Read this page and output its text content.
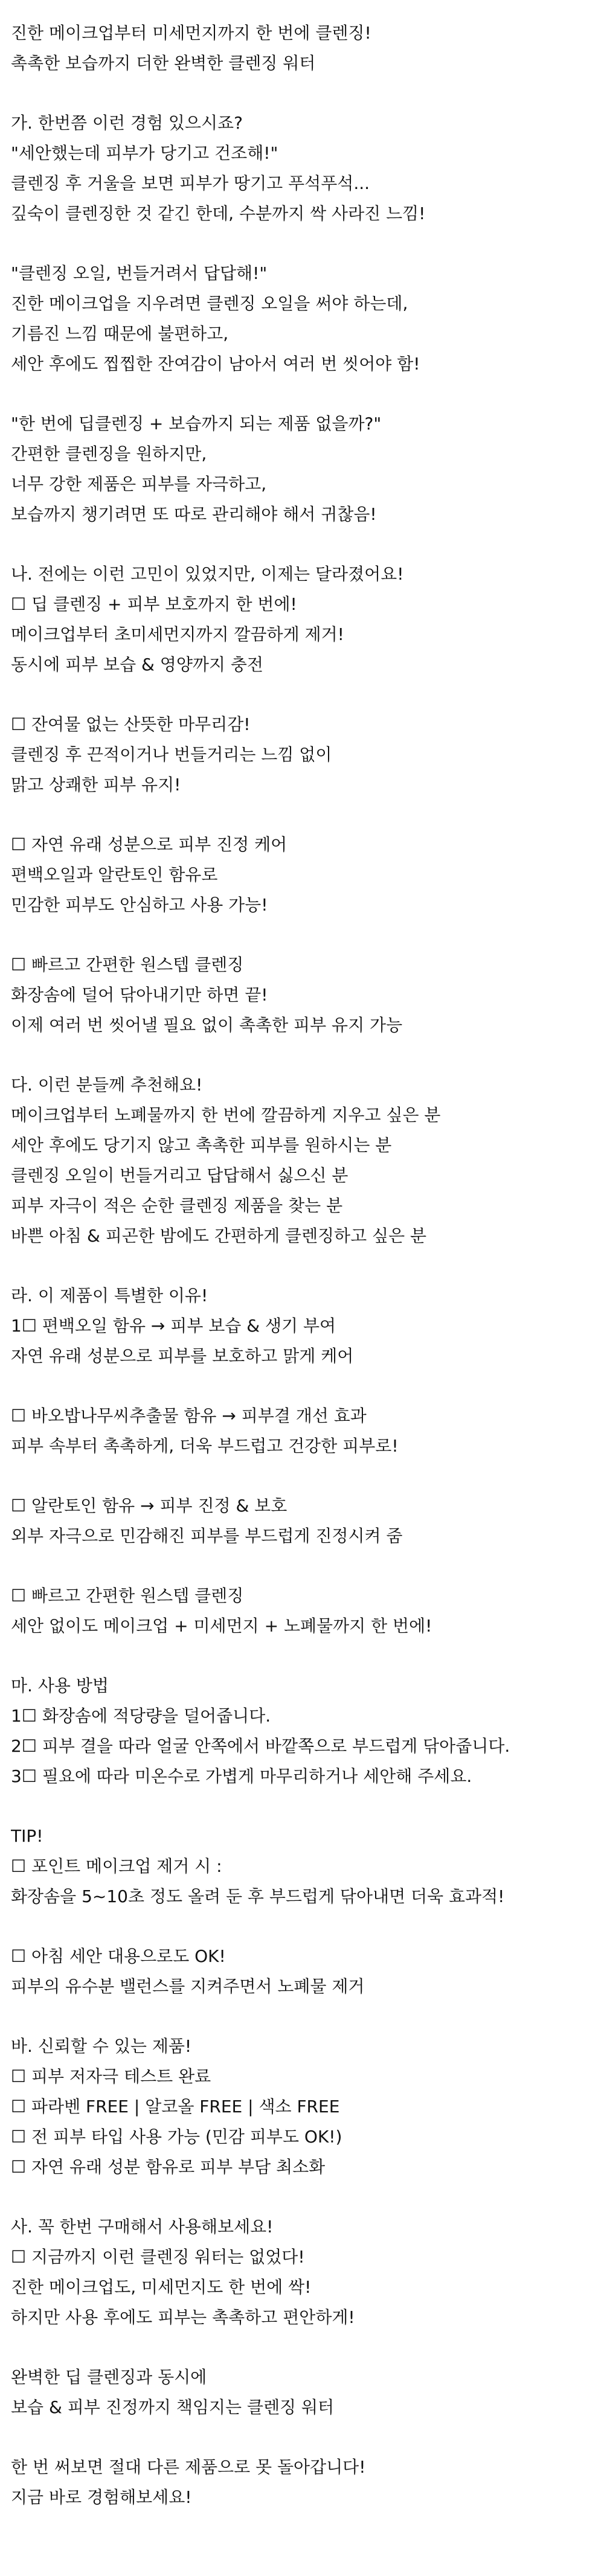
진한 메이크업부터 미세먼지까지 한 번에 클렌징!
촉촉한 보습까지 더한 완벽한 클렌징 워터
가. 한번쯤 이런 경험 있으시죠?
"세안했는데 피부가 당기고 건조해!"
클렌징 후 거울을 보면 피부가 땅기고 푸석푸석...
깊숙이 클렌징한 것 같긴 한데, 수분까지 싹 사라진 느낌!
"클렌징 오일, 번들거려서 답답해!"
진한 메이크업을 지우려면 클렌징 오일을 써야 하는데,
기름진 느낌 때문에 불편하고,
세안 후에도 찝찝한 잔여감이 남아서 여러 번 씻어야 함!
"한 번에 딥클렌징 + 보습까지 되는 제품 없을까?"
간편한 클렌징을 원하지만,
너무 강한 제품은 피부를 자극하고,
보습까지 챙기려면 또 따로 관리해야 해서 귀찮음!
나. 전에는 이런 고민이 있었지만, 이제는 달라졌어요!
☐ 딥 클렌징 + 피부 보호까지 한 번에!
메이크업부터 초미세먼지까지 깔끔하게 제거!
동시에 피부 보습 & 영양까지 충전
☐ 잔여물 없는 산뜻한 마무리감!
클렌징 후 끈적이거나 번들거리는 느낌 없이
맑고 상쾌한 피부 유지!
☐ 자연 유래 성분으로 피부 진정 케어
편백오일과 알란토인 함유로
민감한 피부도 안심하고 사용 가능!
☐ 빠르고 간편한 원스텝 클렌징
화장솜에 덜어 닦아내기만 하면 끝!
이제 여러 번 씻어낼 필요 없이 촉촉한 피부 유지 가능
다. 이런 분들께 추천해요!
메이크업부터 노폐물까지 한 번에 깔끔하게 지우고 싶은 분
세안 후에도 당기지 않고 촉촉한 피부를 원하시는 분
클렌징 오일이 번들거리고 답답해서 싫으신 분
피부 자극이 적은 순한 클렌징 제품을 찾는 분
바쁜 아침 & 피곤한 밤에도 간편하게 클렌징하고 싶은 분
라. 이 제품이 특별한 이유!
1☐ 편백오일 함유 → 피부 보습 & 생기 부여
자연 유래 성분으로 피부를 보호하고 맑게 케어
☐ 바오밥나무씨추출물 함유 → 피부결 개선 효과
피부 속부터 촉촉하게, 더욱 부드럽고 건강한 피부로!
☐ 알란토인 함유 → 피부 진정 & 보호
외부 자극으로 민감해진 피부를 부드럽게 진정시켜 줌
☐ 빠르고 간편한 원스텝 클렌징
세안 없이도 메이크업 + 미세먼지 + 노폐물까지 한 번에!
마. 사용 방법
1☐ 화장솜에 적당량을 덜어줍니다.
2☐ 피부 결을 따라 얼굴 안쪽에서 바깥쪽으로 부드럽게 닦아줍니다.
3☐ 필요에 따라 미온수로 가볍게 마무리하거나 세안해 주세요.
TIP!
☐ 포인트 메이크업 제거 시 :
화장솜을 5~10초 정도 올려 둔 후 부드럽게 닦아내면 더욱 효과적!
☐ 아침 세안 대용으로도 OK!
피부의 유수분 밸런스를 지켜주면서 노폐물 제거
바. 신뢰할 수 있는 제품!
☐ 피부 저자극 테스트 완료
☐ 파라벤 FREE | 알코올 FREE | 색소 FREE
☐ 전 피부 타입 사용 가능 (민감 피부도 OK!)
☐ 자연 유래 성분 함유로 피부 부담 최소화
사. 꼭 한번 구매해서 사용해보세요!
☐ 지금까지 이런 클렌징 워터는 없었다!
진한 메이크업도, 미세먼지도 한 번에 싹!
하지만 사용 후에도 피부는 촉촉하고 편안하게!
완벽한 딥 클렌징과 동시에
보습 & 피부 진정까지 책임지는 클렌징 워터
한 번 써보면 절대 다른 제품으로 못 돌아갑니다!
지금 바로 경험해보세요!
